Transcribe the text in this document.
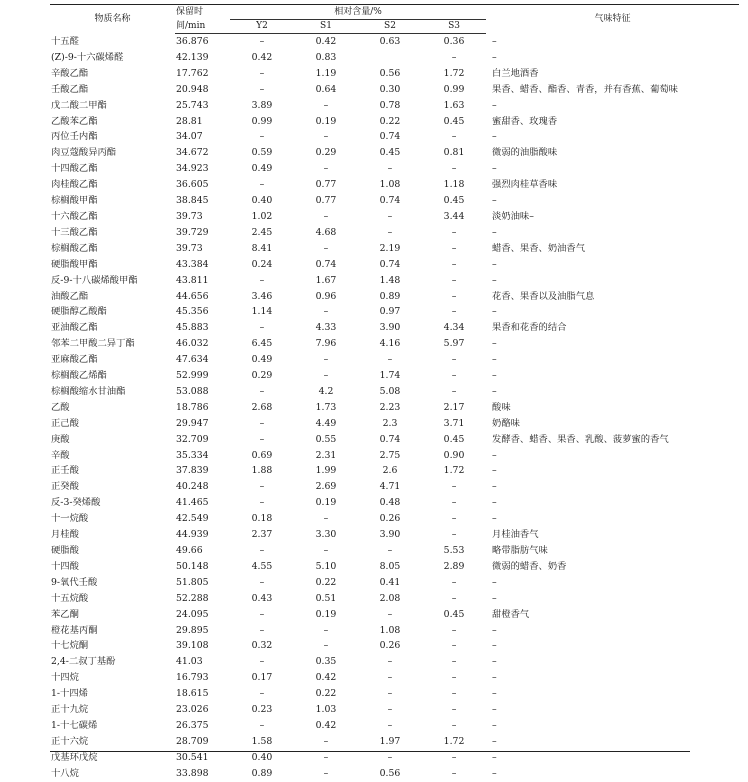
物质名称	保留时	相对含量/%				气味特征
	间/min	Y2	S1	S2	S3	
十五醛	36.876	–	0.42	0.63	0.36	–
(Z)-9-十六碳烯醛	42.139	0.42	0.83		–	–
辛酸乙酯	17.762	–	1.19	0.56	1.72	白兰地酒香
壬酸乙酯	20.948	–	0.64	0.30	0.99	果香、蜡香、酯香、青香，并有香蕉、葡萄味
戊二酸二甲酯	25.743	3.89	–	0.78	1.63	–
乙酸苯乙酯	28.81	0.99	0.19	0.22	0.45	蜜甜香、玫瑰香
丙位壬内酯	34.07	–	–	0.74	–	–
肉豆蔻酸异丙酯	34.672	0.59	0.29	0.45	0.81	微弱的油脂酸味
十四酸乙酯	34.923	0.49	–	–	–	–
肉桂酸乙酯	36.605	–	0.77	1.08	1.18	强烈肉桂草香味
棕榈酸甲酯	38.845	0.40	0.77	0.74	0.45	–
十六酸乙酯	39.73	1.02	–	–	3.44	淡奶油味–
十三酸乙酯	39.729	2.45	4.68	–	–	–
棕榈酸乙酯	39.73	8.41	–	2.19	–	蜡香、果香、奶油香气
硬脂酸甲酯	43.384	0.24	0.74	0.74	–	–
反-9-十八碳烯酸甲酯	43.811	–	1.67	1.48	–	–
油酸乙酯	44.656	3.46	0.96	0.89	–	花香、果香以及油脂气息
硬脂醇乙酸酯	45.356	1.14	–	0.97	–	–
亚油酸乙酯	45.883	–	4.33	3.90	4.34	果香和花香的结合
邻苯二甲酸二异丁酯	46.032	6.45	7.96	4.16	5.97	–
亚麻酸乙酯	47.634	0.49	–	–	–	–
棕榈酸乙烯酯	52.999	0.29	–	1.74	–	–
棕榈酸缩水甘油酯	53.088	–	4.2	5.08	–	–
乙酸	18.786	2.68	1.73	2.23	2.17	酸味
正己酸	29.947	–	4.49	2.3	3.71	奶酪味
庚酸	32.709	–	0.55	0.74	0.45	发酵香、蜡香、果香、乳酸、菠萝蜜的香气
辛酸	35.334	0.69	2.31	2.75	0.90	–
正壬酸	37.839	1.88	1.99	2.6	1.72	–
正癸酸	40.248	–	2.69	4.71	–	–
反-3-癸烯酸	41.465	–	0.19	0.48	–	–
十一烷酸	42.549	0.18	–	0.26	–	–
月桂酸	44.939	2.37	3.30	3.90	–	月桂油香气
硬脂酸	49.66	–	–	–	5.53	略带脂肪气味
十四酸	50.148	4.55	5.10	8.05	2.89	微弱的蜡香、奶香
9-氧代壬酸	51.805	–	0.22	0.41	–	–
十五烷酸	52.288	0.43	0.51	2.08	–	–
苯乙酮	24.095	–	0.19	–	0.45	甜橙香气
橙花基丙酮	29.895	–	–	1.08	–	–
十七烷酮	39.108	0.32	–	0.26	–	–
2,4-二叔丁基酚	41.03	–	0.35	–	–	–
十四烷	16.793	0.17	0.42	–	–	–
1-十四烯	18.615	–	0.22	–	–	–
正十九烷	23.026	0.23	1.03	–	–	–
1-十七碳烯	26.375	–	0.42	–	–	–
正十六烷	28.709	1.58	–	1.97	1.72	–
戊基环戊烷	30.541	0.40	–	–	–	–
十八烷	33.898	0.89	–	0.56	–	–
